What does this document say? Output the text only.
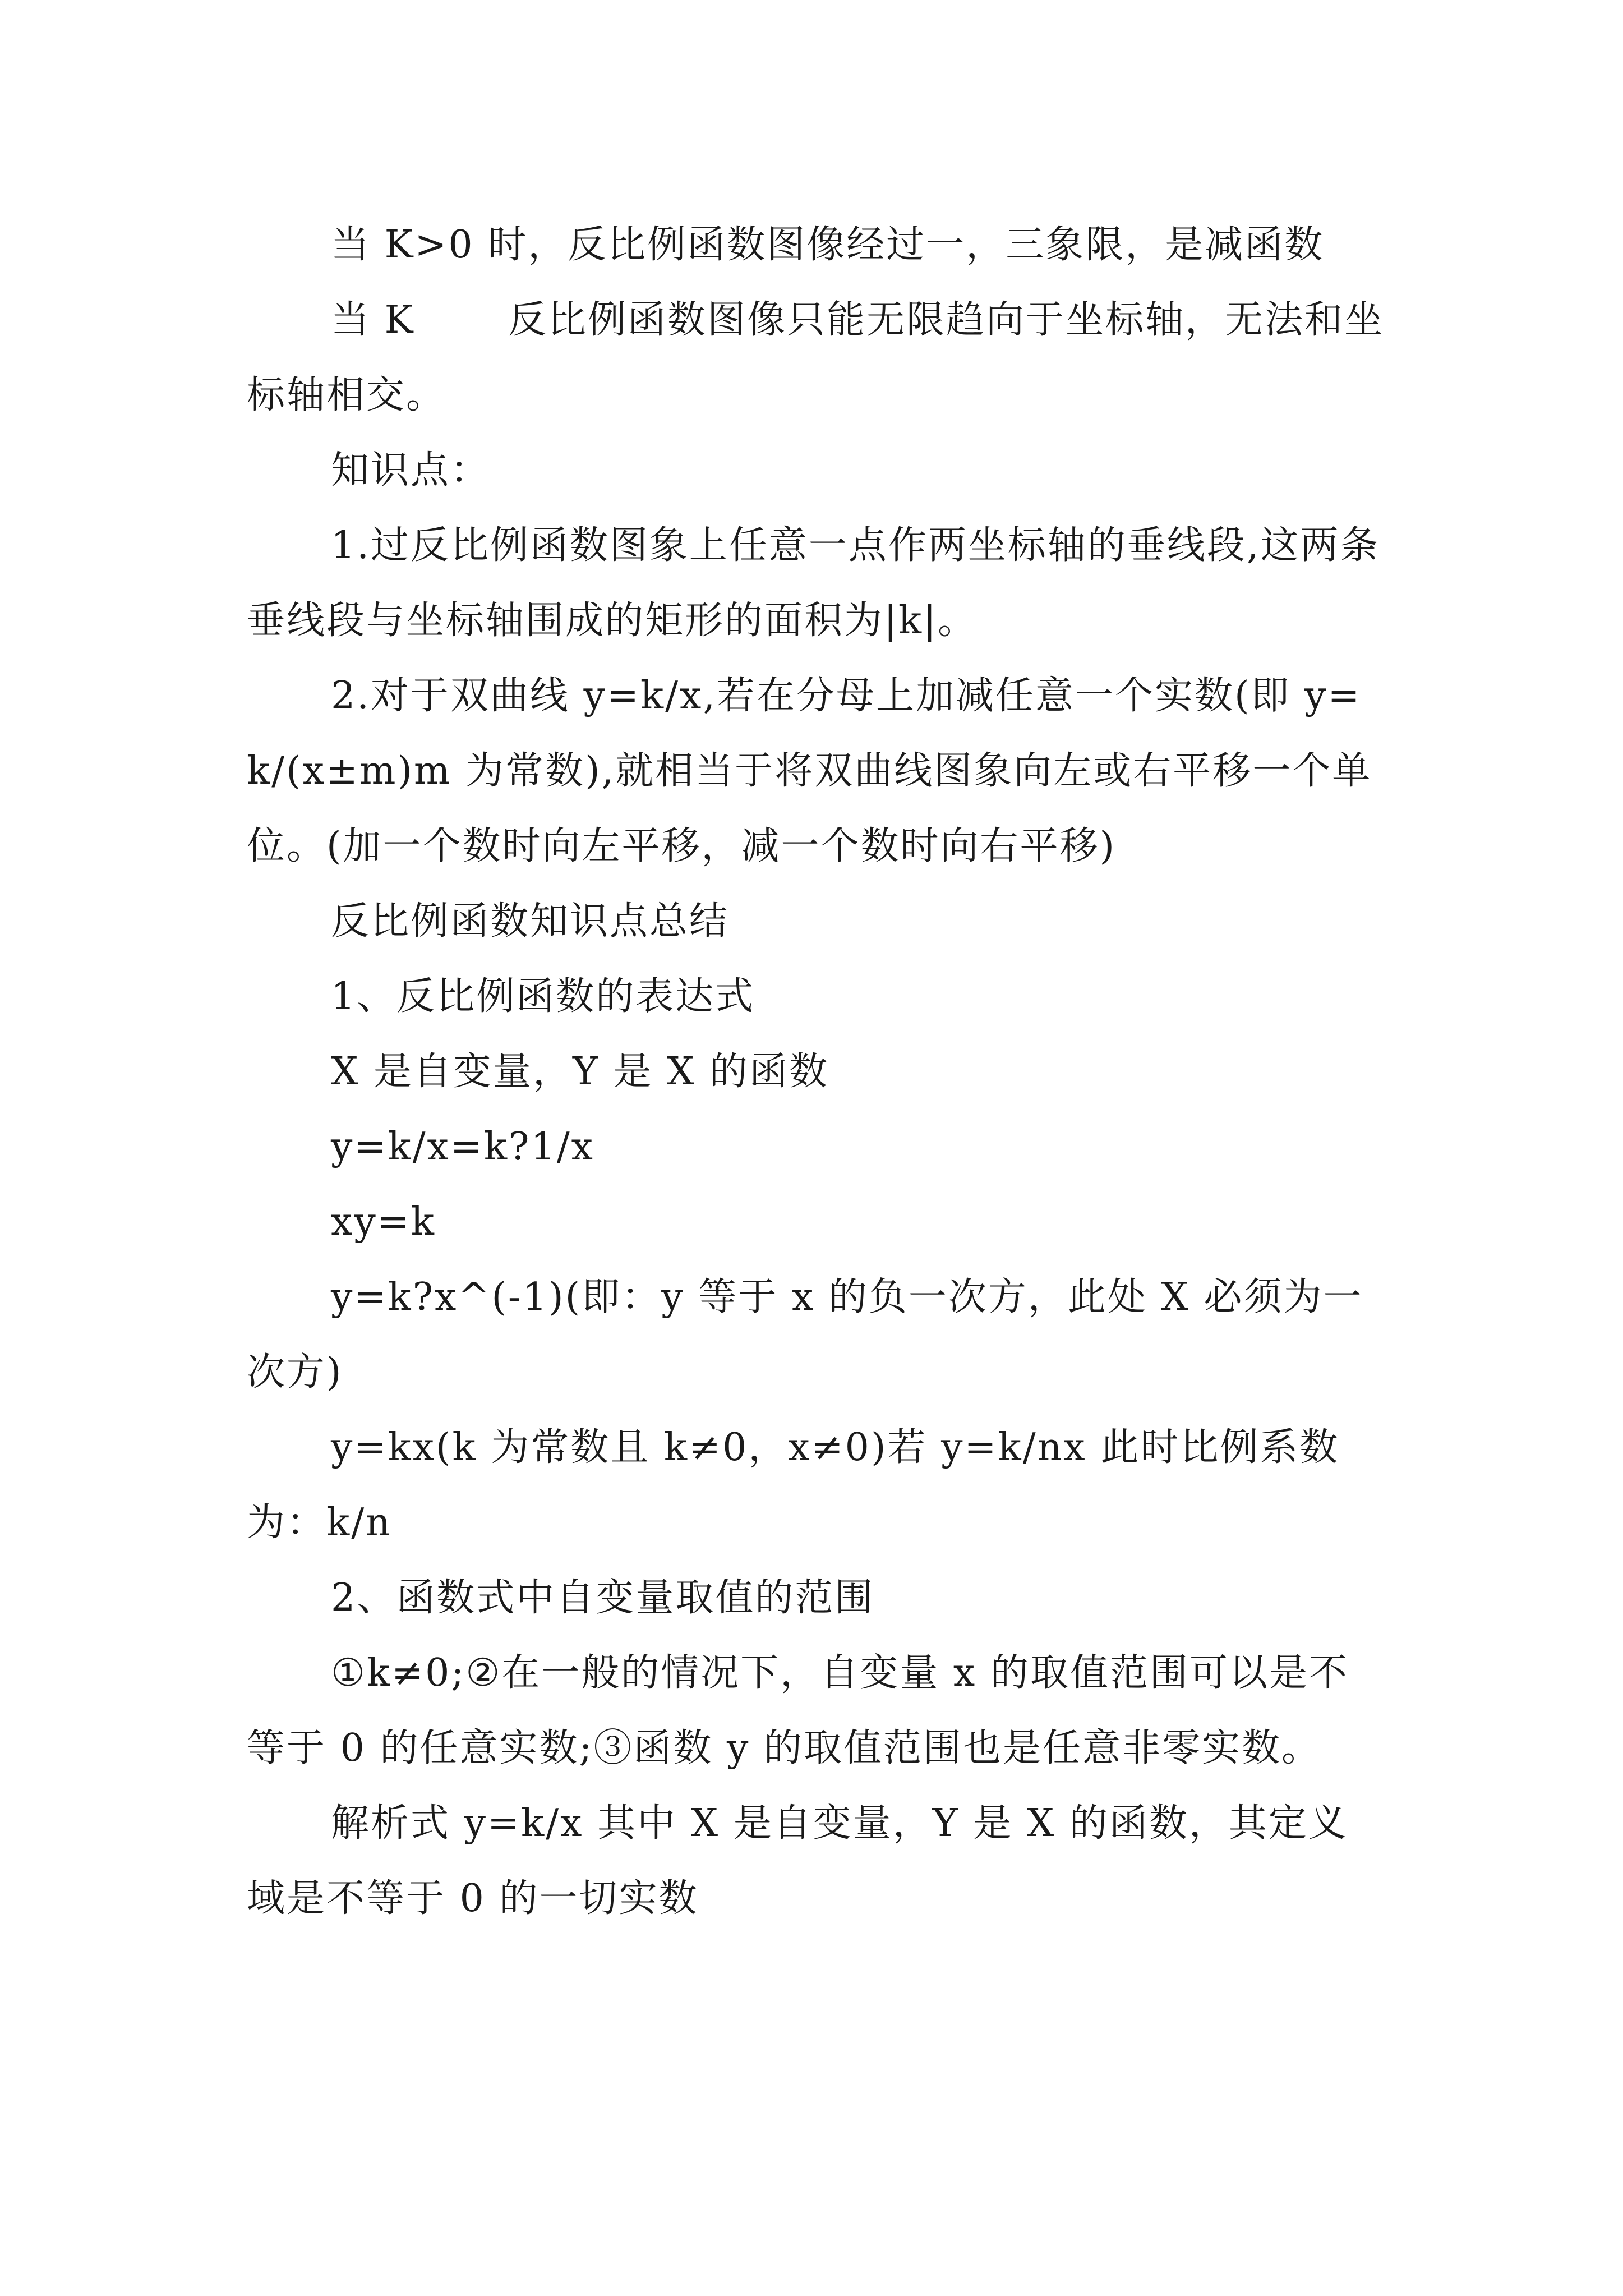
当 K>0 时，反比例函数图像经过一，三象限，是减函数

当 K　　 反比例函数图像只能无限趋向于坐标轴，无法和坐标轴相交。

知识点：

1.过反比例函数图象上任意一点作两坐标轴的垂线段,这两条垂线段与坐标轴围成的矩形的面积为|k|。

2.对于双曲线 y=k/x,若在分母上加减任意一个实数(即 y=k/(x±m)m 为常数),就相当于将双曲线图象向左或右平移一个单位。(加一个数时向左平移，减一个数时向右平移)

反比例函数知识点总结

1、反比例函数的表达式

X 是自变量，Y 是 X 的函数

y=k/x=k?1/x

xy=k

y=k?x^(-1)(即：y 等于 x 的负一次方，此处 X 必须为一次方)

y=kx(k 为常数且 k≠0，x≠0)若 y=k/nx 此时比例系数为：k/n

2、函数式中自变量取值的范围

①k≠0;②在一般的情况下，自变量 x 的取值范围可以是不等于 0 的任意实数;③函数 y 的取值范围也是任意非零实数。

解析式 y=k/x 其中 X 是自变量，Y 是 X 的函数，其定义域是不等于 0 的一切实数
